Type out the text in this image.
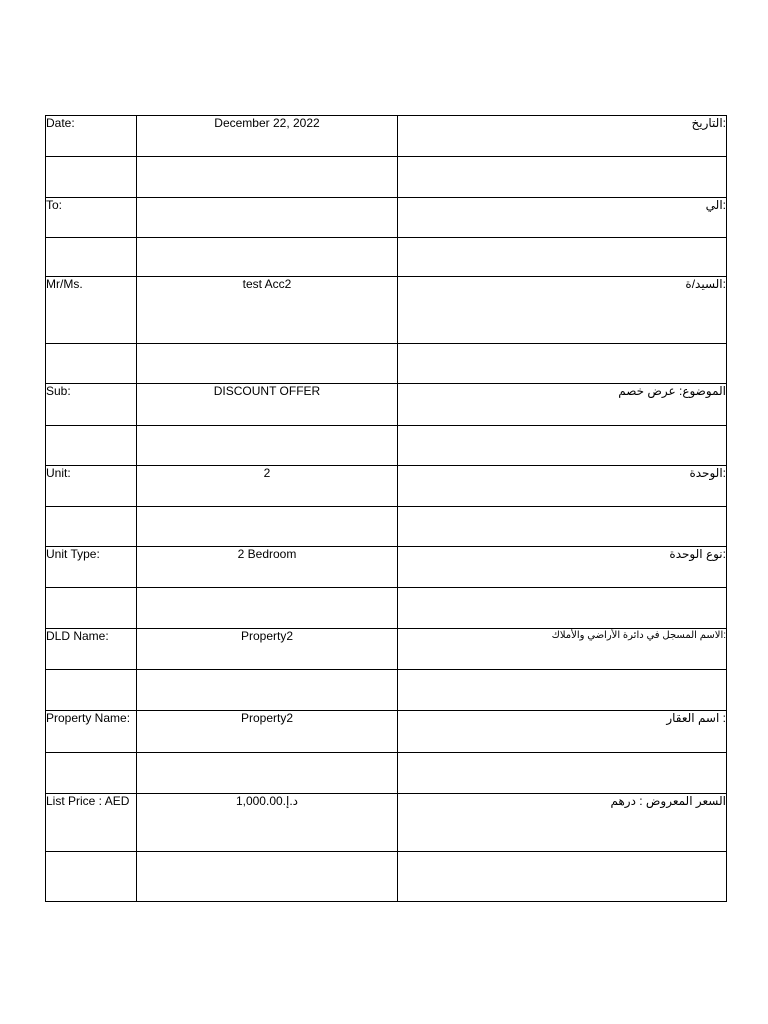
Date:	December 22, 2022	التاريخ:

To:		الي:

Mr/Ms.	test Acc2	السيد/ة:

Sub:	DISCOUNT OFFER	الموضوع: عرض خصم

Unit:	2	الوحدة:

Unit Type:	2 Bedroom	نوع الوحدة:

DLD Name:	Property2	الاسم المسجل في دائرة الأراضي والأملاك:

Property Name:	Property2	اسم العقار :

List Price : AED	د.إ.1,000.00	السعر المعروض : درهم
